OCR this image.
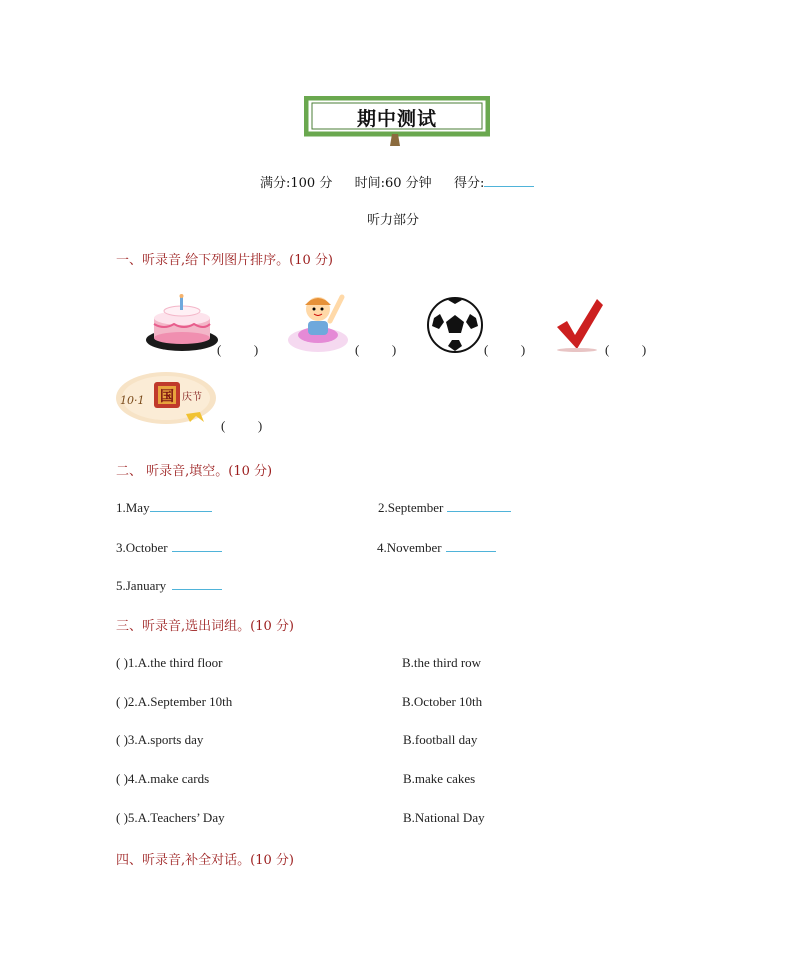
期中测试
满分:100 分 时间:60 分钟 得分:
听力部分
一、听录音,给下列图片排序。(10 分)
(          )	(          )	(          )	(          )
国
10·1	庆节
(          )
二、 听录音,填空。(10 分)
1.May	2.September
3.October	4.November
5.January
三、听录音,选出词组。(10 分)
( )1.A.the third floor	B.the third row
( )2.A.September 10th	B.October 10th
( )3.A.sports day	B.football day
( )4.A.make cards	B.make cakes
( )5.A.Teachers’ Day	B.National Day
四、听录音,补全对话。(10 分)
